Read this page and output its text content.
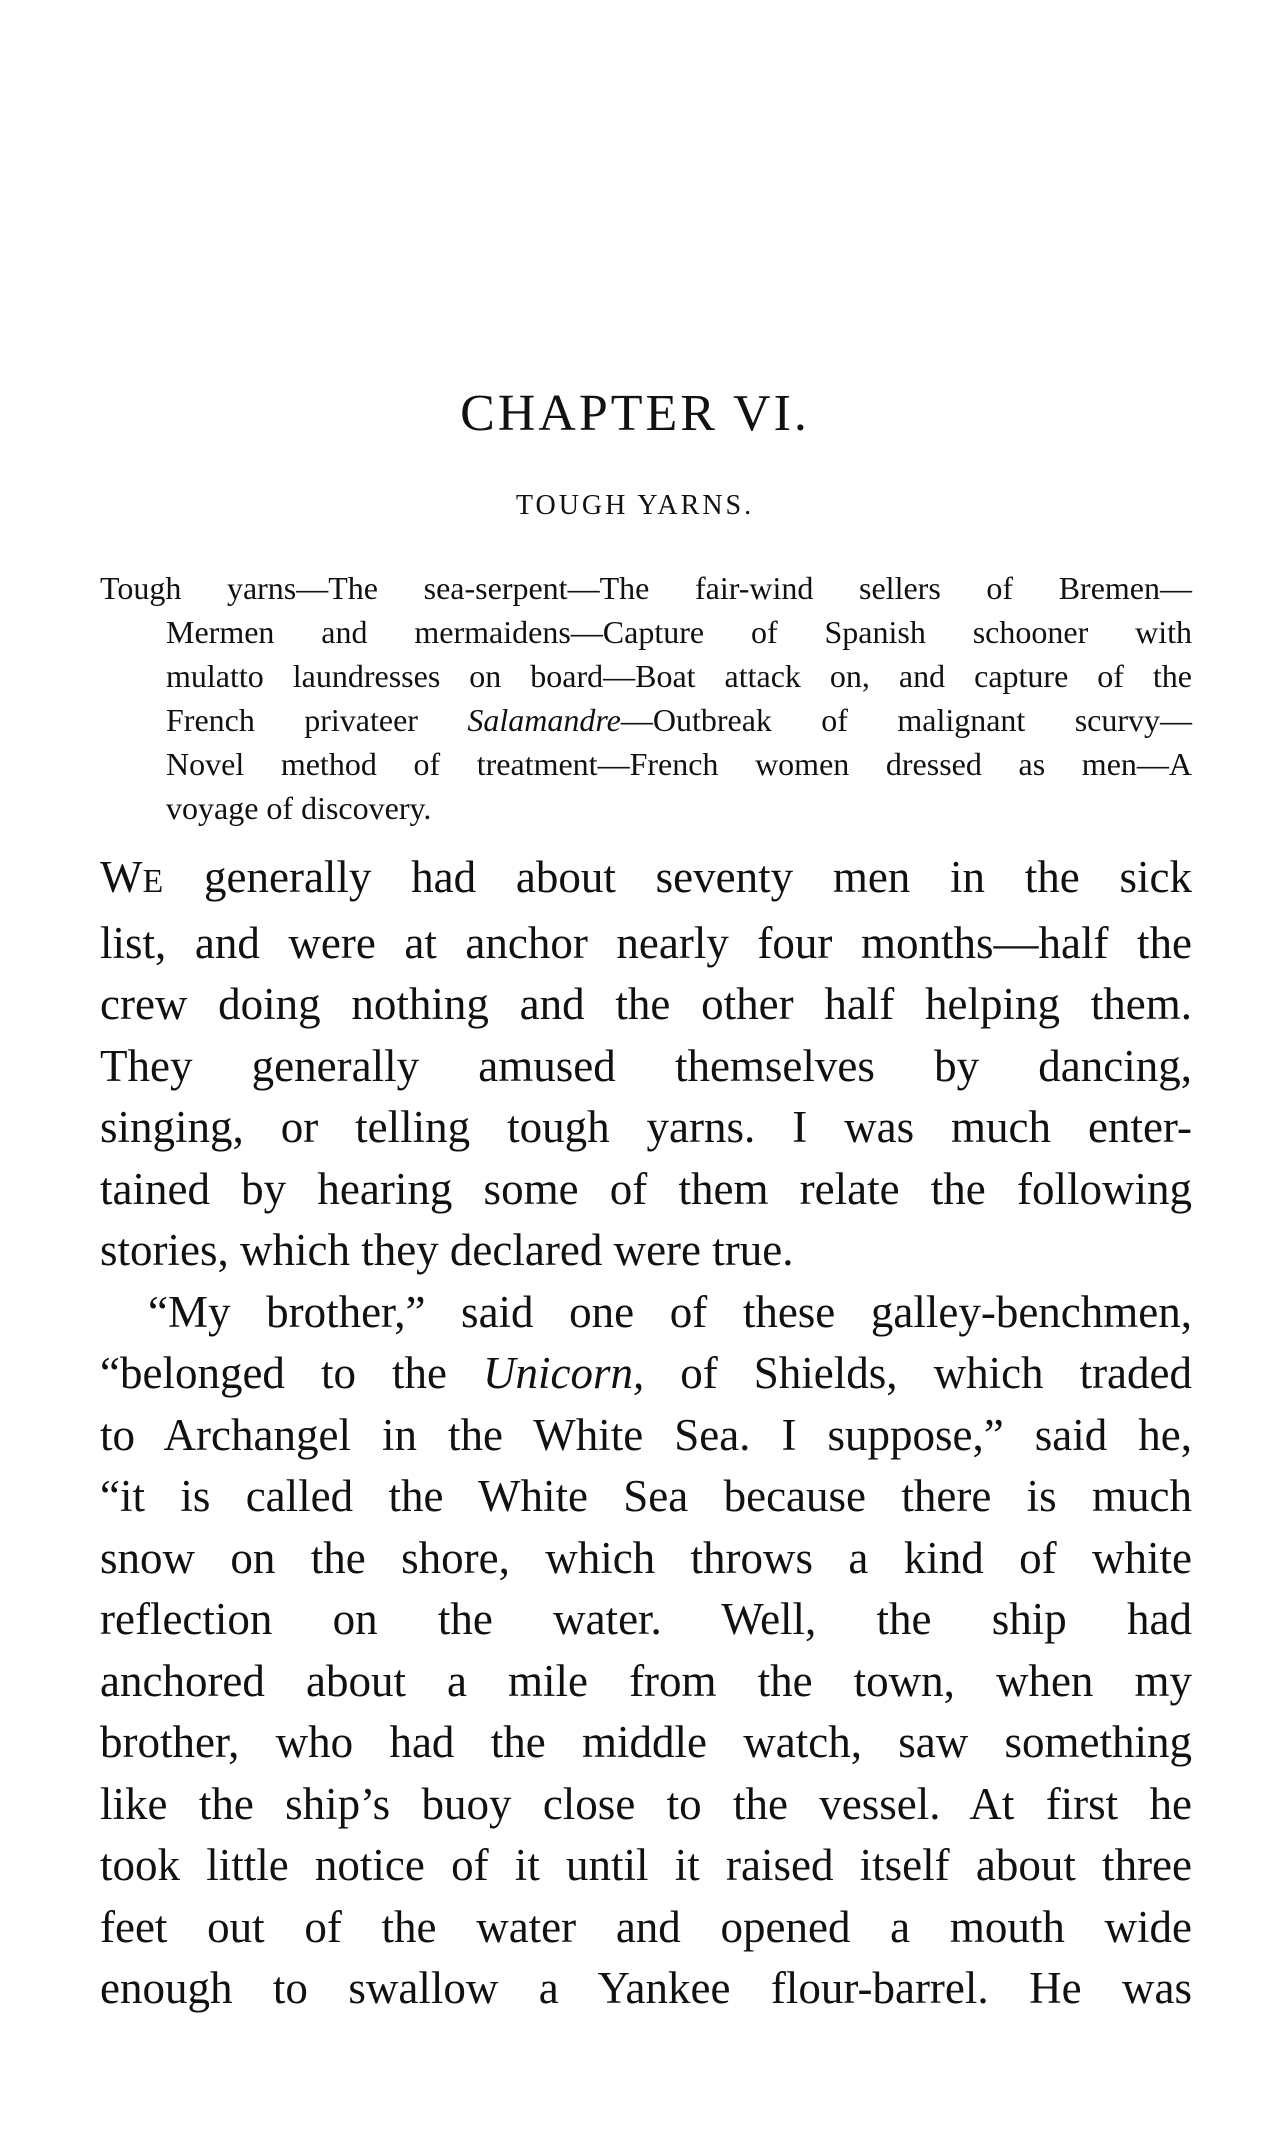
CHAPTER VI.
TOUGH YARNS.
Tough yarns—The sea-serpent—The fair-wind sellers of Bremen—
Mermen and mermaidens—Capture of Spanish schooner with
mulatto laundresses on board—Boat attack on, and capture of the
French privateer Salamandre—Outbreak of malignant scurvy—
Novel method of treatment—French women dressed as men—A
voyage of discovery.
WE generally had about seventy men in the sick
list, and were at anchor nearly four months—half the
crew doing nothing and the other half helping them.
They generally amused themselves by dancing,
singing, or telling tough yarns. I was much enter-
tained by hearing some of them relate the following
stories, which they declared were true.
“My brother,” said one of these galley-benchmen,
“belonged to the Unicorn, of Shields, which traded
to Archangel in the White Sea. I suppose,” said he,
“it is called the White Sea because there is much
snow on the shore, which throws a kind of white
reflection on the water. Well, the ship had
anchored about a mile from the town, when my
brother, who had the middle watch, saw something
like the ship’s buoy close to the vessel. At first he
took little notice of it until it raised itself about three
feet out of the water and opened a mouth wide
enough to swallow a Yankee flour-barrel. He was
